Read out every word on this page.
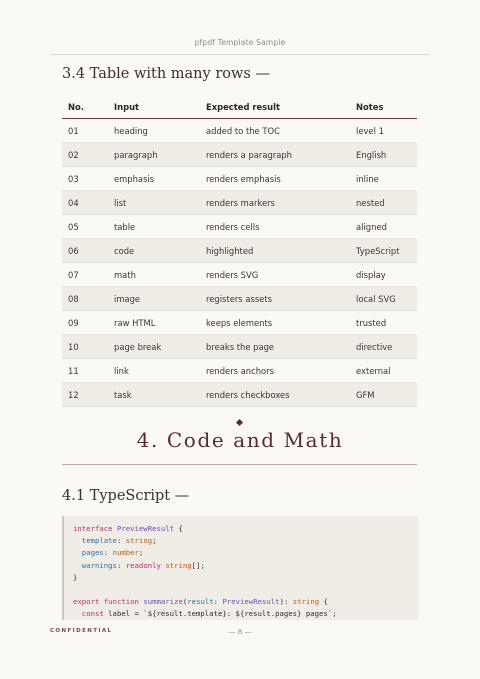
pfpdf Template Sample
3.4 Table with many rows —
No.	Input	Expected result	Notes
01	heading	added to the TOC	level 1
02	paragraph	renders a paragraph	English
03	emphasis	renders emphasis	inline
04	list	renders markers	nested
05	table	renders cells	aligned
06	code	highlighted	TypeScript
07	math	renders SVG	display
08	image	registers assets	local SVG
09	raw HTML	keeps elements	trusted
10	page break	breaks the page	directive
11	link	renders anchors	external
12	task	renders checkboxes	GFM
4. Code and Math
4.1 TypeScript —
interface PreviewResult {
template: string;
pages: number;
warnings: readonly string[];
}

export function summarize(result: PreviewResult): string {
const label = `${result.template}: ${result.pages} pages`;
CONFIDENTIAL	— 8 —
